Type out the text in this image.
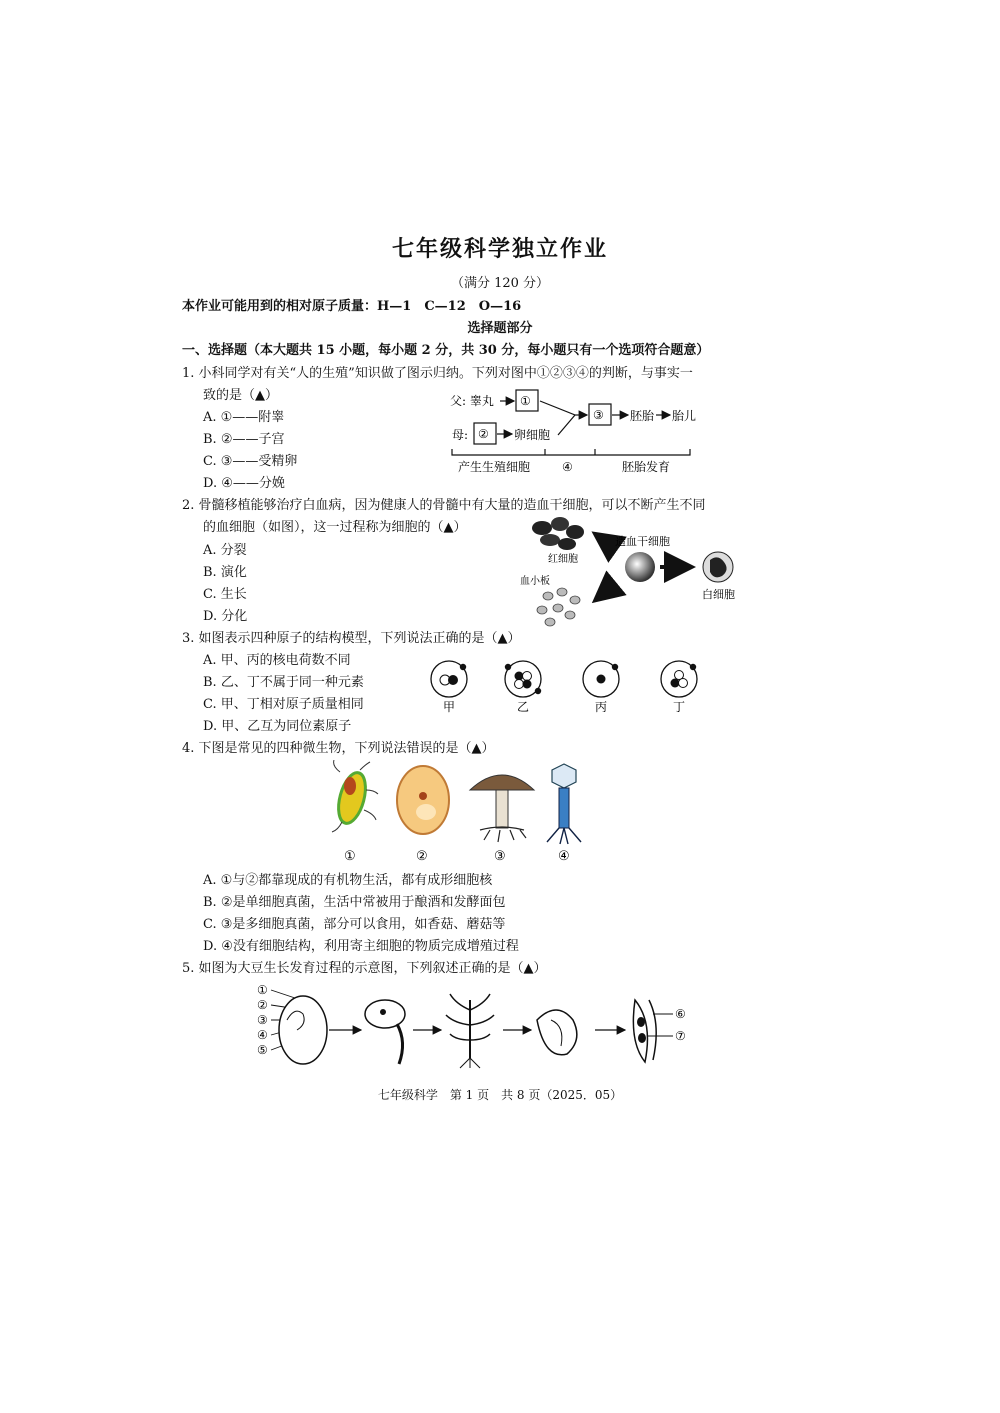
七年级科学独立作业
（满分 120 分）
本作业可能用到的相对原子质量：H—1　C—12　O—16
选择题部分
一、选择题（本大题共 15 小题，每小题 2 分，共 30 分，每小题只有一个选项符合题意）
1. 小科同学对有关“人的生殖”知识做了图示归纳。下列对图中①②③④的判断，与事实一
致的是（▲）
A. ①——附睾
B. ②——子宫
C. ③——受精卵
D. ④——分娩
父: 睾丸 ①
母: ② 卵细胞
③ 胚胎 胎儿
产生生殖细胞	④	胚胎发育
2. 骨髓移植能够治疗白血病，因为健康人的骨髓中有大量的造血干细胞，可以不断产生不同
的血细胞（如图），这一过程称为细胞的（▲）
A. 分裂
B. 演化
C. 生长
D. 分化
红细胞
造血干细胞
白细胞
血小板
3. 如图表示四种原子的结构模型，下列说法正确的是（▲）
A. 甲、丙的核电荷数不同
B. 乙、丁不属于同一种元素
C. 甲、丁相对原子质量相同
D. 甲、乙互为同位素原子
甲	乙	丙	丁
4. 下图是常见的四种微生物，下列说法错误的是（▲）
①	②	③	④
A. ①与②都靠现成的有机物生活，都有成形细胞核
B. ②是单细胞真菌，生活中常被用于酿酒和发酵面包
C. ③是多细胞真菌，部分可以食用，如香菇、蘑菇等
D. ④没有细胞结构，利用寄主细胞的物质完成增殖过程
5. 如图为大豆生长发育过程的示意图，下列叙述正确的是（▲）
①
②
③
④
⑤
⑥
⑦
七年级科学　第 1 页　共 8 页（2025．05）
